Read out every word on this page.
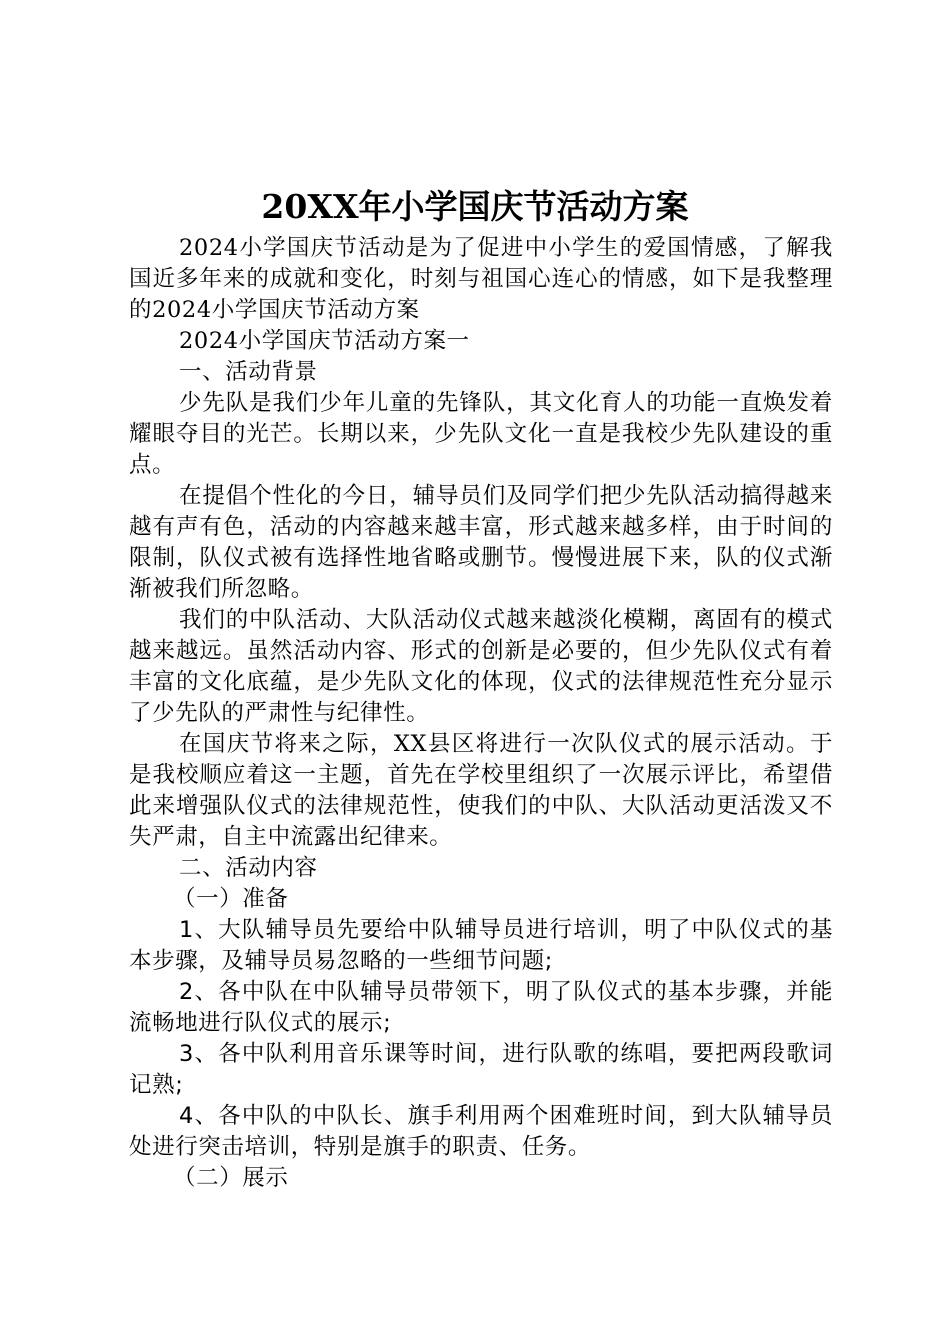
20XX年小学国庆节活动方案

2024小学国庆节活动是为了促进中小学生的爱国情感，了解我国近多年来的成就和变化，时刻与祖国心连心的情感，如下是我整理的2024小学国庆节活动方案

2024小学国庆节活动方案一

一、活动背景

少先队是我们少年儿童的先锋队，其文化育人的功能一直焕发着耀眼夺目的光芒。长期以来，少先队文化一直是我校少先队建设的重点。

在提倡个性化的今日，辅导员们及同学们把少先队活动搞得越来越有声有色，活动的内容越来越丰富，形式越来越多样，由于时间的限制，队仪式被有选择性地省略或删节。慢慢进展下来，队的仪式渐渐被我们所忽略。

我们的中队活动、大队活动仪式越来越淡化模糊，离固有的模式越来越远。虽然活动内容、形式的创新是必要的，但少先队仪式有着丰富的文化底蕴，是少先队文化的体现，仪式的法律规范性充分显示了少先队的严肃性与纪律性。

在国庆节将来之际，XX县区将进行一次队仪式的展示活动。于是我校顺应着这一主题，首先在学校里组织了一次展示评比，希望借此来增强队仪式的法律规范性，使我们的中队、大队活动更活泼又不失严肃，自主中流露出纪律来。

二、活动内容

（一）准备

1、大队辅导员先要给中队辅导员进行培训，明了中队仪式的基本步骤，及辅导员易忽略的一些细节问题;

2、各中队在中队辅导员带领下，明了队仪式的基本步骤，并能流畅地进行队仪式的展示;

3、各中队利用音乐课等时间，进行队歌的练唱，要把两段歌词记熟;

4、各中队的中队长、旗手利用两个困难班时间，到大队辅导员处进行突击培训，特别是旗手的职责、任务。

（二）展示
